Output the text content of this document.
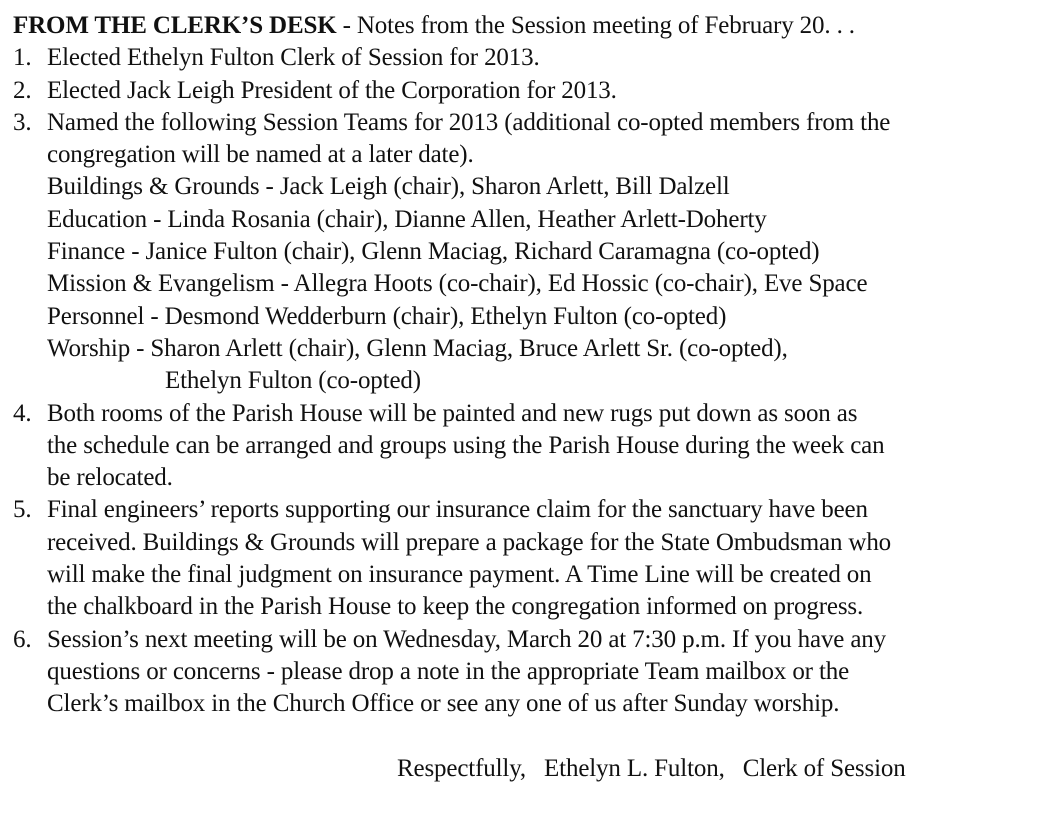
FROM THE CLERK’S DESK - Notes from the Session meeting of February 20. . .
1. Elected Ethelyn Fulton Clerk of Session for 2013.
2. Elected Jack Leigh President of the Corporation for 2013.
3. Named the following Session Teams for 2013 (additional co-opted members from the
congregation will be named at a later date).
Buildings & Grounds - Jack Leigh (chair), Sharon Arlett, Bill Dalzell
Education - Linda Rosania (chair), Dianne Allen, Heather Arlett-Doherty
Finance - Janice Fulton (chair), Glenn Maciag, Richard Caramagna (co-opted)
Mission & Evangelism - Allegra Hoots (co-chair), Ed Hossic (co-chair), Eve Space
Personnel - Desmond Wedderburn (chair), Ethelyn Fulton (co-opted)
Worship - Sharon Arlett (chair), Glenn Maciag, Bruce Arlett Sr. (co-opted),
Ethelyn Fulton (co-opted)
4. Both rooms of the Parish House will be painted and new rugs put down as soon as
the schedule can be arranged and groups using the Parish House during the week can
be relocated.
5. Final engineers’ reports supporting our insurance claim for the sanctuary have been
received. Buildings & Grounds will prepare a package for the State Ombudsman who
will make the final judgment on insurance payment. A Time Line will be created on
the chalkboard in the Parish House to keep the congregation informed on progress.
6. Session’s next meeting will be on Wednesday, March 20 at 7:30 p.m. If you have any
questions or concerns - please drop a note in the appropriate Team mailbox or the
Clerk’s mailbox in the Church Office or see any one of us after Sunday worship.
Respectfully, Ethelyn L. Fulton, Clerk of Session
